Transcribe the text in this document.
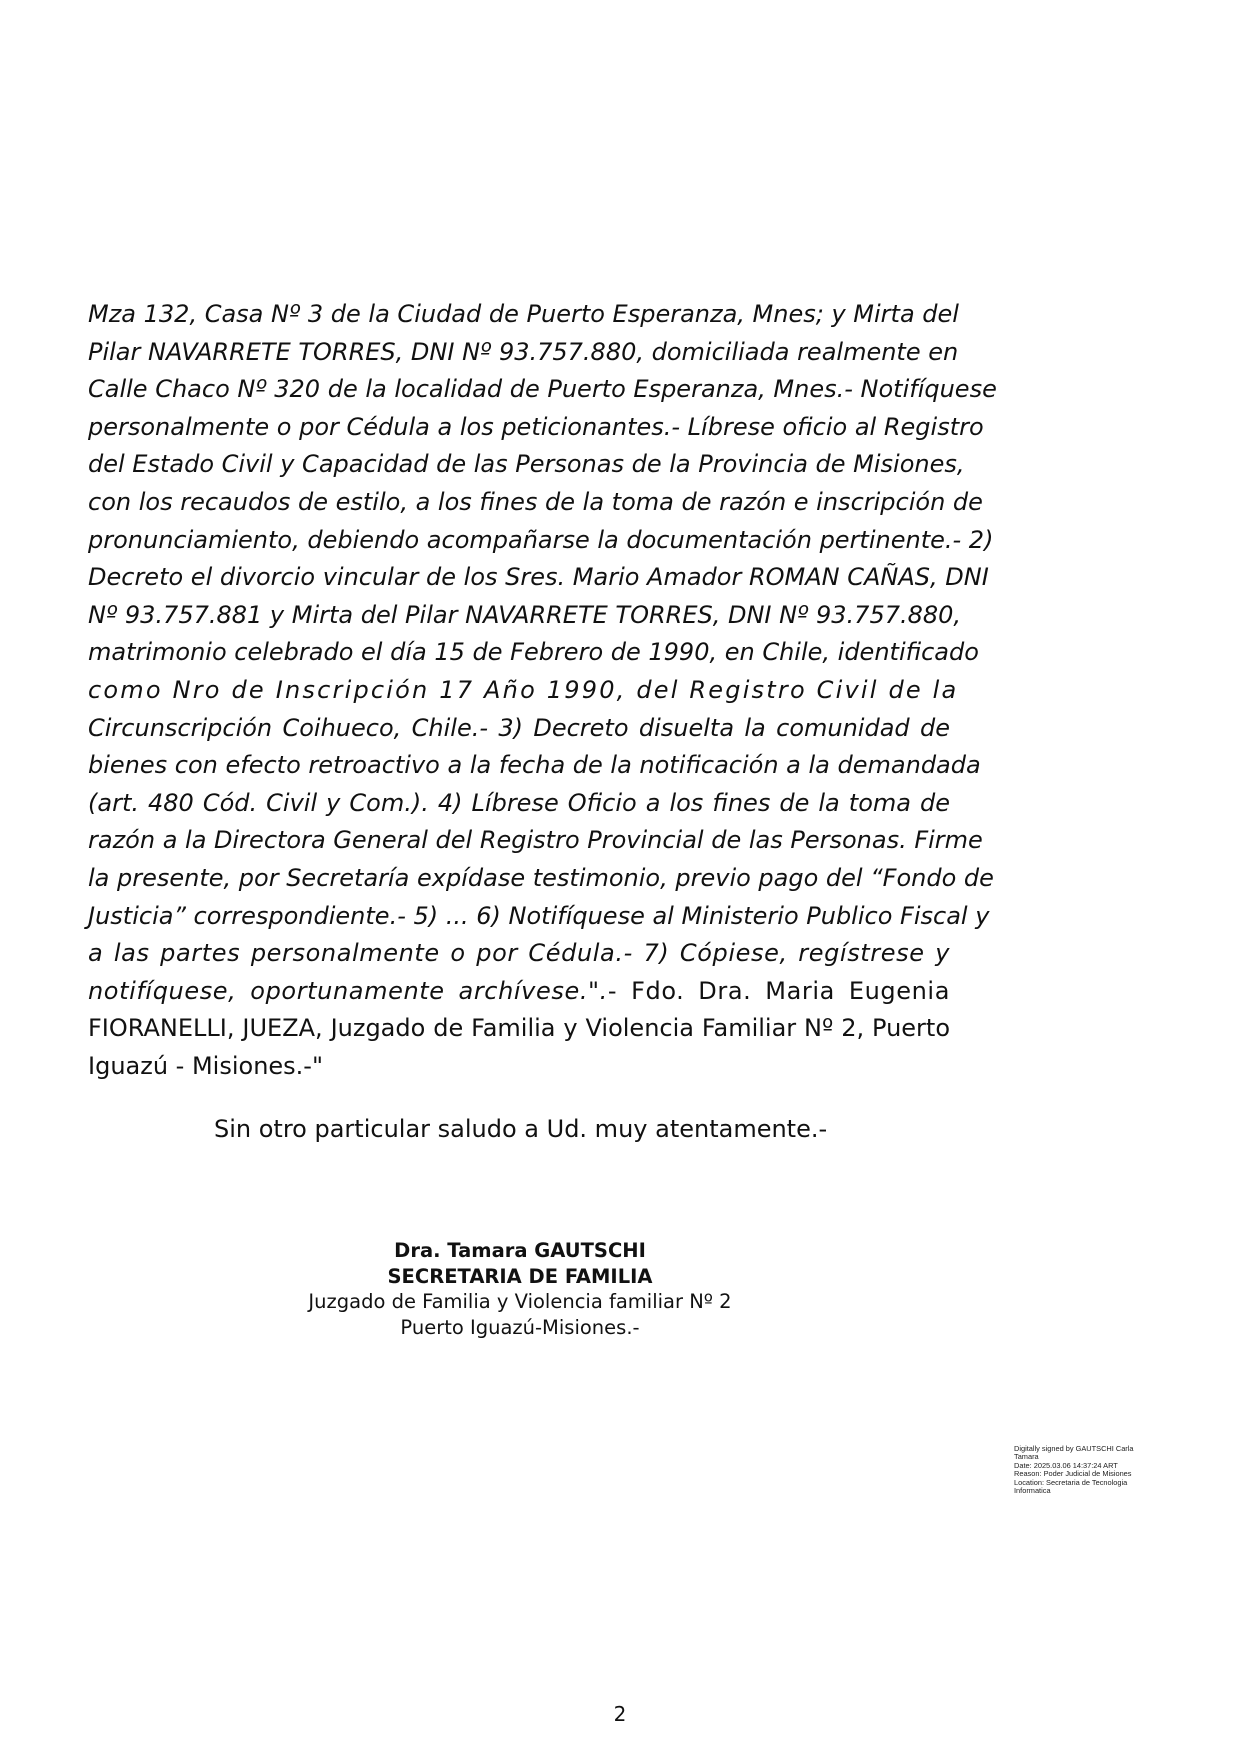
Mza 132, Casa Nº 3 de la Ciudad de Puerto Esperanza, Mnes; y Mirta del
Pilar NAVARRETE TORRES, DNI Nº 93.757.880, domiciliada realmente en
Calle Chaco Nº 320 de la localidad de Puerto Esperanza, Mnes.- Notifíquese
personalmente o por Cédula a los peticionantes.- Líbrese oficio al Registro
del Estado Civil y Capacidad de las Personas de la Provincia de Misiones,
con los recaudos de estilo, a los fines de la toma de razón e inscripción de
pronunciamiento, debiendo acompañarse la documentación pertinente.- 2)
Decreto el divorcio vincular de los Sres. Mario Amador ROMAN CAÑAS, DNI
Nº 93.757.881 y Mirta del Pilar NAVARRETE TORRES, DNI Nº 93.757.880,
matrimonio celebrado el día 15 de Febrero de 1990, en Chile, identificado
como Nro de Inscripción 17 Año 1990, del Registro Civil de la
Circunscripción Coihueco, Chile.- 3) Decreto disuelta la comunidad de
bienes con efecto retroactivo a la fecha de la notificación a la demandada
(art. 480 Cód. Civil y Com.). 4) Líbrese Oficio a los fines de la toma de
razón a la Directora General del Registro Provincial de las Personas. Firme
la presente, por Secretaría expídase testimonio, previo pago del “Fondo de
Justicia” correspondiente.- 5) ... 6) Notifíquese al Ministerio Publico Fiscal y
a las partes personalmente o por Cédula.- 7) Cópiese, regístrese y
notifíquese, oportunamente archívese.".- Fdo. Dra. Maria Eugenia
FIORANELLI, JUEZA, Juzgado de Familia y Violencia Familiar Nº 2, Puerto
Iguazú - Misiones.-"
Sin otro particular saludo a Ud. muy atentamente.-
Dra. Tamara GAUTSCHI
SECRETARIA DE FAMILIA
Juzgado de Familia y Violencia familiar Nº 2
Puerto Iguazú-Misiones.-
Digitally signed by GAUTSCHI Carla
Tamara
Date: 2025.03.06 14:37:24 ART
Reason: Poder Judicial de Misiones
Location: Secretaria de Tecnologia
Informatica
2
